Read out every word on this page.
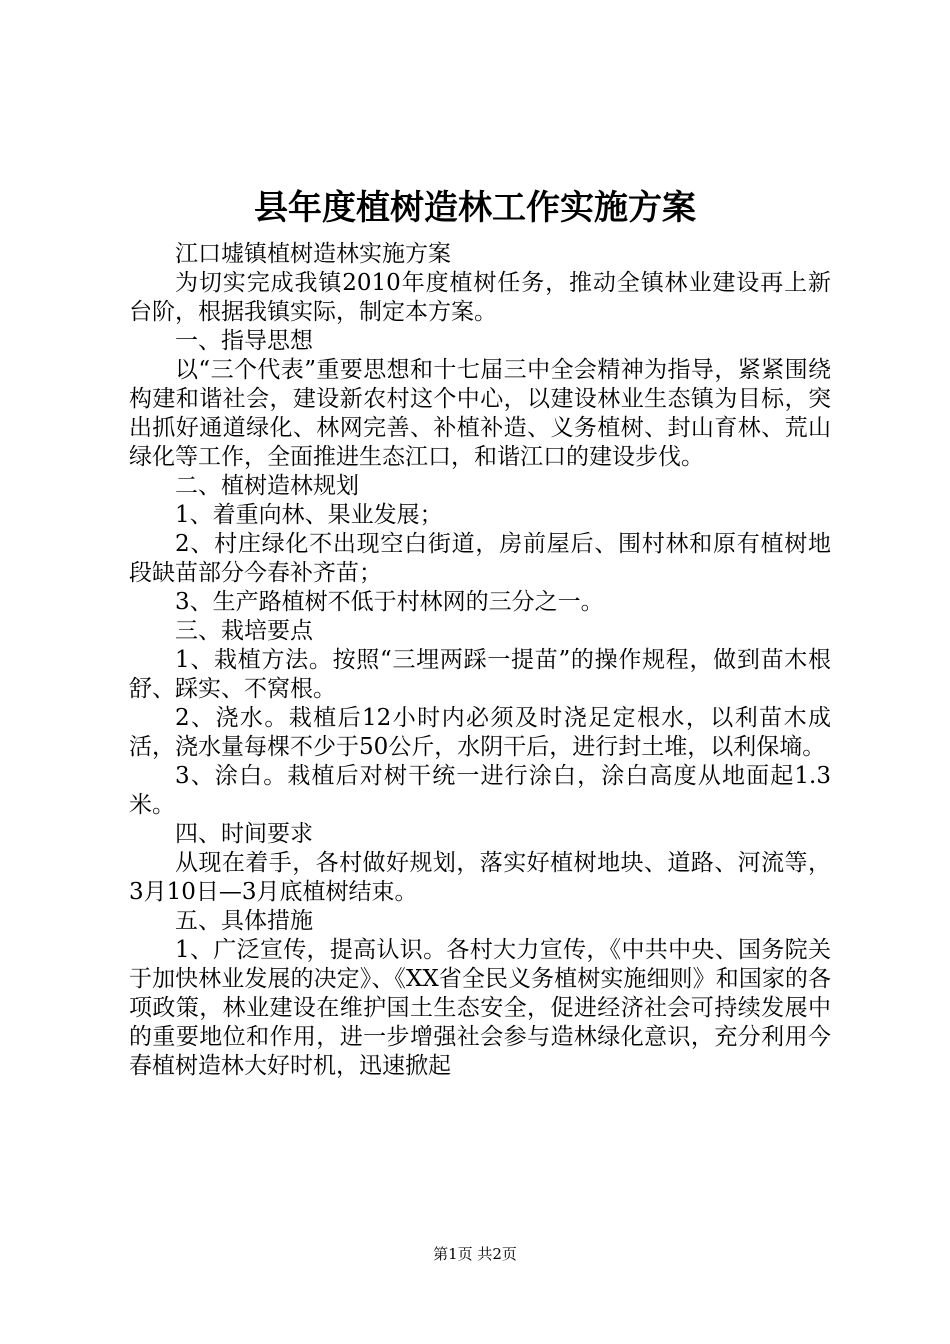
县年度植树造林工作实施方案

江口墟镇植树造林实施方案

为切实完成我镇2010年度植树任务，推动全镇林业建设再上新台阶，根据我镇实际，制定本方案。

一、指导思想

以“三个代表”重要思想和十七届三中全会精神为指导，紧紧围绕构建和谐社会，建设新农村这个中心，以建设林业生态镇为目标，突出抓好通道绿化、林网完善、补植补造、义务植树、封山育林、荒山绿化等工作，全面推进生态江口，和谐江口的建设步伐。

二、植树造林规划

1、着重向林、果业发展；

2、村庄绿化不出现空白街道，房前屋后、围村林和原有植树地段缺苗部分今春补齐苗；

3、生产路植树不低于村林网的三分之一。

三、栽培要点

1、栽植方法。按照“三埋两踩一提苗”的操作规程，做到苗木根舒、踩实、不窝根。

2、浇水。栽植后12小时内必须及时浇足定根水，以利苗木成活，浇水量每棵不少于50公斤，水阴干后，进行封土堆，以利保墒。

3、涂白。栽植后对树干统一进行涂白，涂白高度从地面起1.3米。

四、时间要求

从现在着手，各村做好规划，落实好植树地块、道路、河流等，3月10日—3月底植树结束。

五、具体措施

1、广泛宣传，提高认识。各村大力宣传，《中共中央、国务院关于加快林业发展的决定》、《XX省全民义务植树实施细则》和国家的各项政策，林业建设在维护国土生态安全，促进经济社会可持续发展中的重要地位和作用，进一步增强社会参与造林绿化意识，充分利用今春植树造林大好时机，迅速掀起

第1页 共2页
